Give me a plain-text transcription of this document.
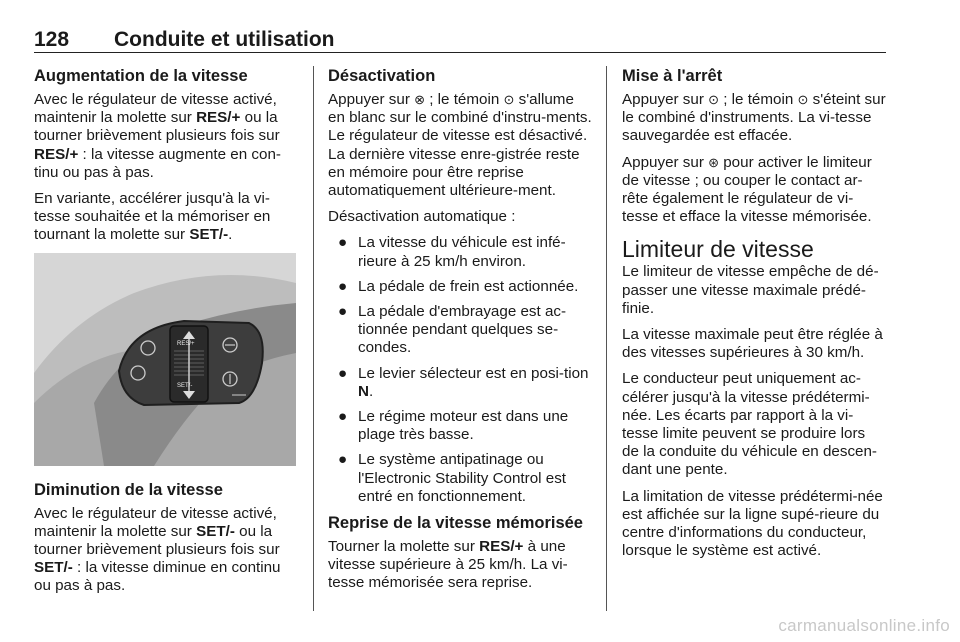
128 Conduite et utilisation
Augmentation de la vitesse

Avec le régulateur de vitesse activé, maintenir la molette sur RES/+ ou la tourner brièvement plusieurs fois sur RES/+ : la vitesse augmente en con-tinu ou pas à pas.

En variante, accélérer jusqu'à la vi-tesse souhaitée et la mémoriser en tournant la molette sur SET/-.

RES/+
SET/-
Diminution de la vitesse

Avec le régulateur de vitesse activé, maintenir la molette sur SET/- ou la tourner brièvement plusieurs fois sur SET/- : la vitesse diminue en continu ou pas à pas.

Désactivation

Appuyer sur ⊗ ; le témoin ⊙ s'allume en blanc sur le combiné d'instru-ments. Le régulateur de vitesse est désactivé. La dernière vitesse enre-gistrée reste en mémoire pour être reprise automatiquement ultérieure-ment.

Désactivation automatique :

● La vitesse du véhicule est infé-rieure à 25 km/h environ.
● La pédale de frein est actionnée.
● La pédale d'embrayage est ac-tionnée pendant quelques se-condes.
● Le levier sélecteur est en posi-tion N.
● Le régime moteur est dans une plage très basse.
● Le système antipatinage ou l'Electronic Stability Control est entré en fonctionnement.
Reprise de la vitesse mémorisée

Tourner la molette sur RES/+ à une vitesse supérieure à 25 km/h. La vi-tesse mémorisée sera reprise.

Mise à l'arrêt

Appuyer sur ⊙ ; le témoin ⊙ s'éteint sur le combiné d'instruments. La vi-tesse sauvegardée est effacée.

Appuyer sur ⊛ pour activer le limiteur de vitesse ; ou couper le contact ar-rête également le régulateur de vi-tesse et efface la vitesse mémorisée.

Limiteur de vitesse

Le limiteur de vitesse empêche de dé-passer une vitesse maximale prédé-finie.

La vitesse maximale peut être réglée à des vitesses supérieures à 30 km/h.

Le conducteur peut uniquement ac-célérer jusqu'à la vitesse prédétermi-née. Les écarts par rapport à la vi-tesse limite peuvent se produire lors de la conduite du véhicule en descen-dant une pente.

La limitation de vitesse prédétermi-née est affichée sur la ligne supé-rieure du centre d'informations du conducteur, lorsque le système est activé.

carmanualsonline.info
